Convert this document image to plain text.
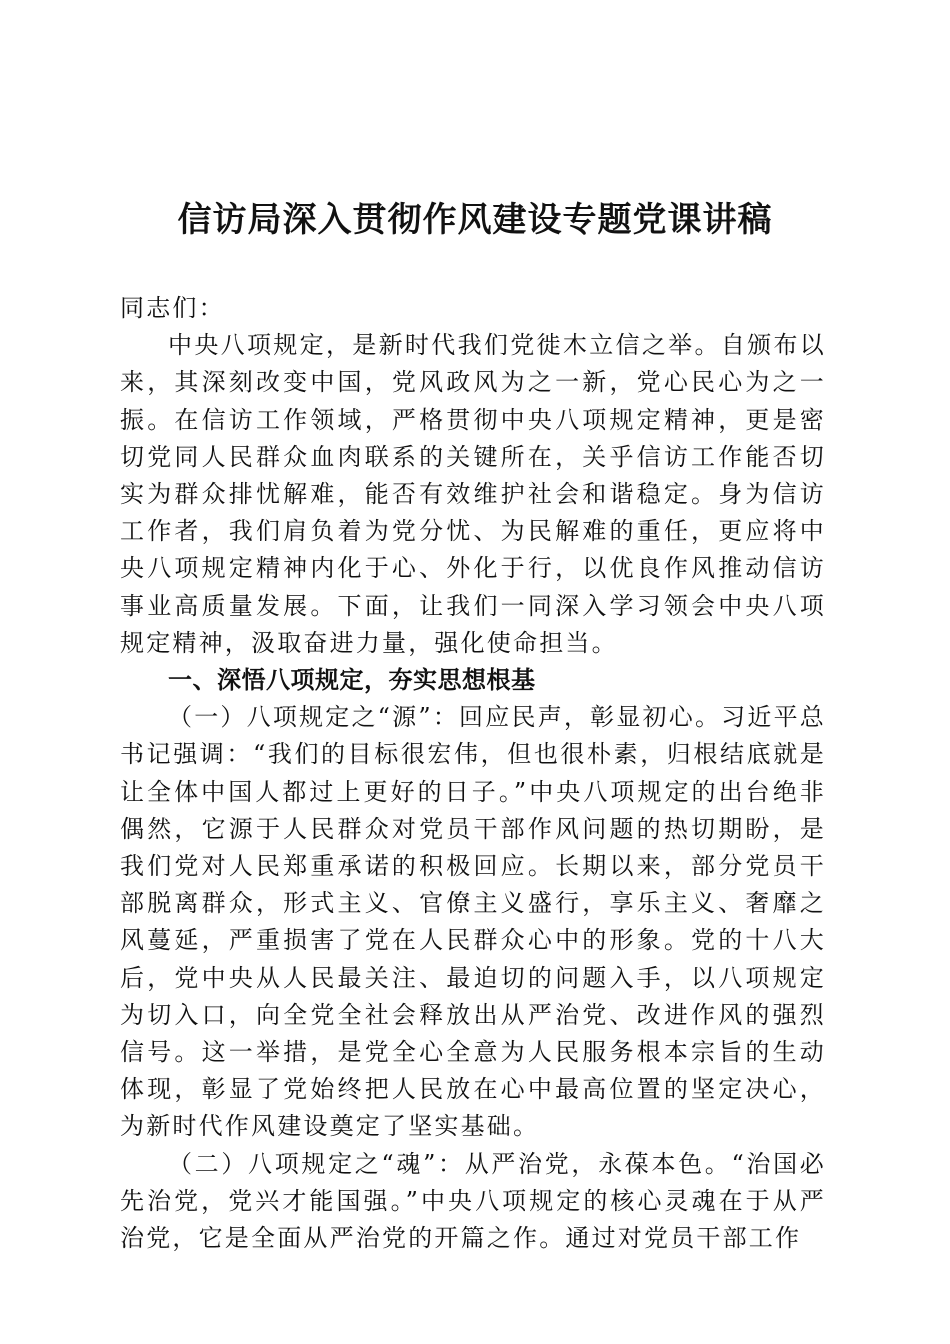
信访局深入贯彻作风建设专题党课讲稿

同志们：

中央八项规定，是新时代我们党徙木立信之举。自颁布以来，其深刻改变中国，党风政风为之一新，党心民心为之一振。在信访工作领域，严格贯彻中央八项规定精神，更是密切党同人民群众血肉联系的关键所在，关乎信访工作能否切实为群众排忧解难，能否有效维护社会和谐稳定。身为信访工作者，我们肩负着为党分忧、为民解难的重任，更应将中央八项规定精神内化于心、外化于行，以优良作风推动信访事业高质量发展。下面，让我们一同深入学习领会中央八项规定精神，汲取奋进力量，强化使命担当。

一、深悟八项规定，夯实思想根基

（一）八项规定之“源”：回应民声，彰显初心。习近平总书记强调：“我们的目标很宏伟，但也很朴素，归根结底就是让全体中国人都过上更好的日子。”中央八项规定的出台绝非偶然，它源于人民群众对党员干部作风问题的热切期盼，是我们党对人民郑重承诺的积极回应。长期以来，部分党员干部脱离群众，形式主义、官僚主义盛行，享乐主义、奢靡之风蔓延，严重损害了党在人民群众心中的形象。党的十八大后，党中央从人民最关注、最迫切的问题入手，以八项规定为切入口，向全党全社会释放出从严治党、改进作风的强烈信号。这一举措，是党全心全意为人民服务根本宗旨的生动体现，彰显了党始终把人民放在心中最高位置的坚定决心，为新时代作风建设奠定了坚实基础。

（二）八项规定之“魂”：从严治党，永葆本色。“治国必先治党，党兴才能国强。”中央八项规定的核心灵魂在于从严治党，它是全面从严治党的开篇之作。通过对党员干部工作
